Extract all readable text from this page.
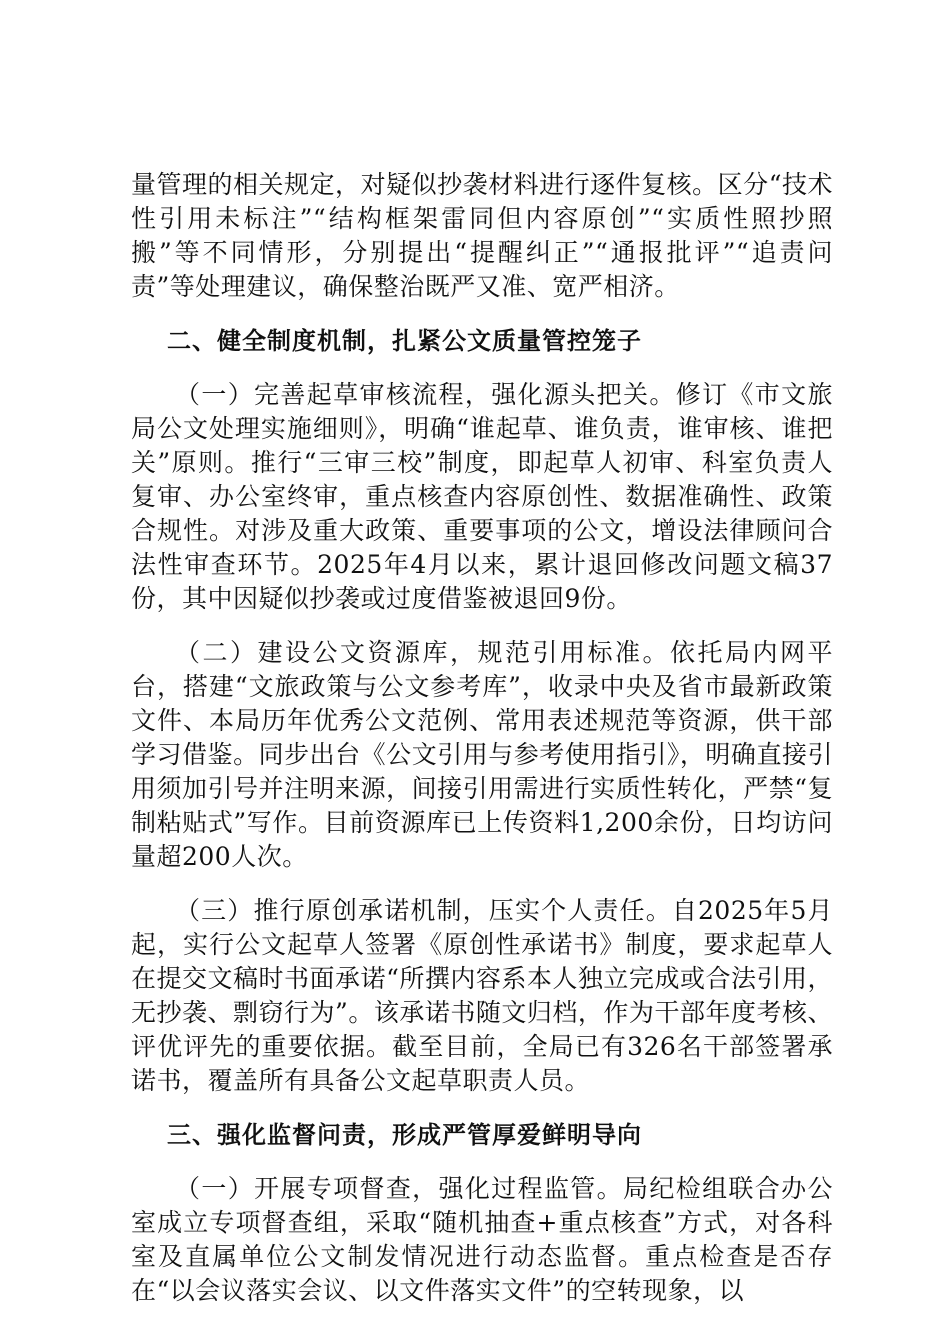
量管理的相关规定，对疑似抄袭材料进行逐件复核。区分“技术性引用未标注”“结构框架雷同但内容原创”“实质性照抄照搬”等不同情形，分别提出“提醒纠正”“通报批评”“追责问责”等处理建议，确保整治既严又准、宽严相济。

二、健全制度机制，扎紧公文质量管控笼子

（一）完善起草审核流程，强化源头把关。修订《市文旅局公文处理实施细则》，明确“谁起草、谁负责，谁审核、谁把关”原则。推行“三审三校”制度，即起草人初审、科室负责人复审、办公室终审，重点核查内容原创性、数据准确性、政策合规性。对涉及重大政策、重要事项的公文，增设法律顾问合法性审查环节。2025年4月以来，累计退回修改问题文稿37份，其中因疑似抄袭或过度借鉴被退回9份。

（二）建设公文资源库，规范引用标准。依托局内网平台，搭建“文旅政策与公文参考库”，收录中央及省市最新政策文件、本局历年优秀公文范例、常用表述规范等资源，供干部学习借鉴。同步出台《公文引用与参考使用指引》，明确直接引用须加引号并注明来源，间接引用需进行实质性转化，严禁“复制粘贴式”写作。目前资源库已上传资料1,200余份，日均访问量超200人次。

（三）推行原创承诺机制，压实个人责任。自2025年5月起，实行公文起草人签署《原创性承诺书》制度，要求起草人在提交文稿时书面承诺“所撰内容系本人独立完成或合法引用，无抄袭、剽窃行为”。该承诺书随文归档，作为干部年度考核、评优评先的重要依据。截至目前，全局已有326名干部签署承诺书，覆盖所有具备公文起草职责人员。

三、强化监督问责，形成严管厚爱鲜明导向

（一）开展专项督查，强化过程监管。局纪检组联合办公室成立专项督查组，采取“随机抽查+重点核查”方式，对各科室及直属单位公文制发情况进行动态监督。重点检查是否存在“以会议落实会议、以文件落实文件”的空转现象，以
